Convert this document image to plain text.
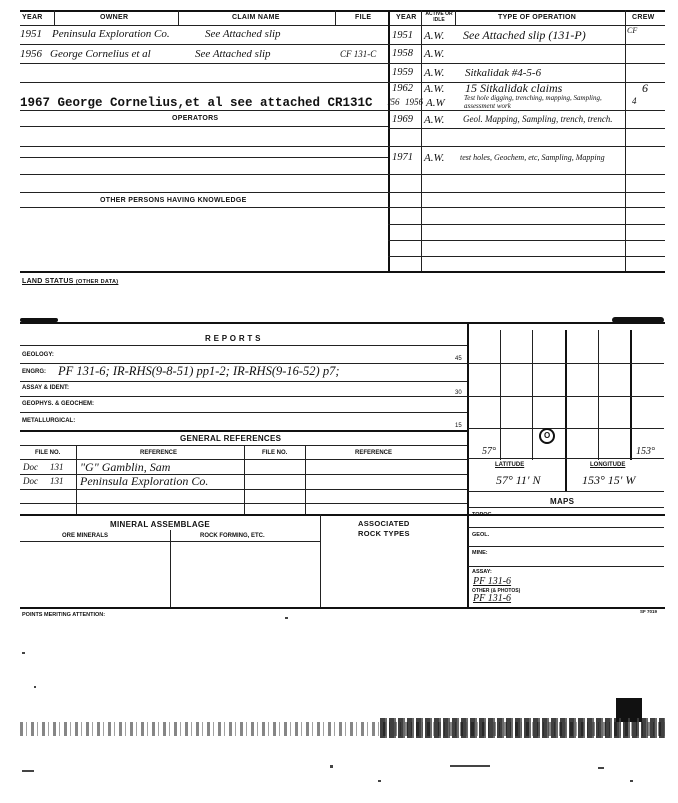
YEAR	OWNER	CLAIM NAME	FILE	YEAR ACTIVE OR IDLE	TYPE OF OPERATION	CREW
1951 Peninsula Exploration Co.	See Attached slip
1956 George Cornelius et al	See Attached slip	CF 131-C
1967 George Cornelius,et al see attached CR131C
OPERATORS
OTHER PERSONS HAVING KNOWLEDGE
1951 A.W. See Attached slip (131-P)	CF
1958 A.W.
1959 A.W. Sitkalidak #4-5-6
1962 A.W. 15 Sitkalidak claims	6
/56 1956 A.W	Test hole digging, trenching, mapping, Sampling, assessment work	4
1969 A.W. Geol. Mapping, Sampling, trench, trench.
1971 A.W. test holes, Geochem, etc, Sampling, Mapping
LAND STATUS (OTHER DATA)
R E P O R T S
GEOLOGY:
45
ENGRG: PF 131-6; IR-RHS(9-8-51) pp1-2; IR-RHS(9-16-52) p7;
ASSAY & IDENT:
30
GEOPHYS. & GEOCHEM:
METALLURGICAL:
15
GENERAL REFERENCES
FILE NO.	REFERENCE	FILE NO.	REFERENCE
Doc 131 "G" Gamblin, Sam
Doc 131 Peninsula Exploration Co.
MINERAL ASSEMBLAGE
ORE MINERALS	ROCK FORMING, ETC.
ASSOCIATED
ROCK TYPES
O
57°	153°
LATITUDE	LONGITUDE
57° 11' N	153° 15' W
MAPS
TOPOG.
GEOL.
MINE:
ASSAY:
PF 131-6
OTHER (& PHOTOS)
PF 131-6
POINTS MERITING ATTENTION:
SF 7019
